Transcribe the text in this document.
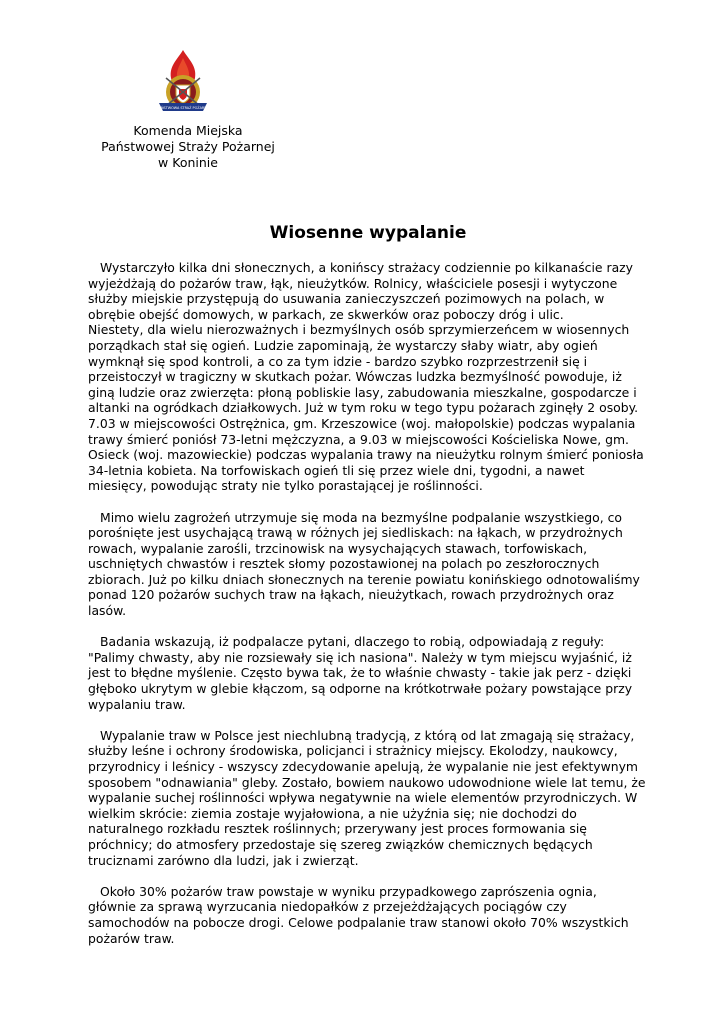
PAŃSTWOWA STRAŻ POŻARNA
Komenda Miejska
Państwowej Straży Pożarnej
w Koninie
Wiosenne wypalanie
Wystarczyło kilka dni słonecznych, a konińscy strażacy codziennie po kilkanaście razy
wyjeżdżają do pożarów traw, łąk, nieużytków. Rolnicy, właściciele posesji i wytyczone
służby miejskie przystępują do usuwania zanieczyszczeń pozimowych na polach, w
obrębie obejść domowych, w parkach, ze skwerków oraz poboczy dróg i ulic.
Niestety, dla wielu nierozważnych i bezmyślnych osób sprzymierzeńcem w wiosennych
porządkach stał się ogień. Ludzie zapominają, że wystarczy słaby wiatr, aby ogień
wymknął się spod kontroli, a co za tym idzie - bardzo szybko rozprzestrzenił się i
przeistoczył w tragiczny w skutkach pożar. Wówczas ludzka bezmyślność powoduje, iż
giną ludzie oraz zwierzęta: płoną pobliskie lasy, zabudowania mieszkalne, gospodarcze i
altanki na ogródkach działkowych. Już w tym roku w tego typu pożarach zginęły 2 osoby.
7.03 w miejscowości Ostrężnica, gm. Krzeszowice (woj. małopolskie) podczas wypalania
trawy śmierć poniósł 73-letni mężczyzna, a 9.03 w miejscowości Kościeliska Nowe, gm.
Osieck (woj. mazowieckie) podczas wypalania trawy na nieużytku rolnym śmierć poniosła
34-letnia kobieta. Na torfowiskach ogień tli się przez wiele dni, tygodni, a nawet
miesięcy, powodując straty nie tylko porastającej je roślinności.
Mimo wielu zagrożeń utrzymuje się moda na bezmyślne podpalanie wszystkiego, co
porośnięte jest usychającą trawą w różnych jej siedliskach: na łąkach, w przydrożnych
rowach, wypalanie zarośli, trzcinowisk na wysychających stawach, torfowiskach,
uschniętych chwastów i resztek słomy pozostawionej na polach po zeszłorocznych
zbiorach. Już po kilku dniach słonecznych na terenie powiatu konińskiego odnotowaliśmy
ponad 120 pożarów suchych traw na łąkach, nieużytkach, rowach przydrożnych oraz
lasów.
Badania wskazują, iż podpalacze pytani, dlaczego to robią, odpowiadają z reguły:
"Palimy chwasty, aby nie rozsiewały się ich nasiona". Należy w tym miejscu wyjaśnić, iż
jest to błędne myślenie. Często bywa tak, że to właśnie chwasty - takie jak perz - dzięki
głęboko ukrytym w glebie kłączom, są odporne na krótkotrwałe pożary powstające przy
wypalaniu traw.
Wypalanie traw w Polsce jest niechlubną tradycją, z którą od lat zmagają się strażacy,
służby leśne i ochrony środowiska, policjanci i strażnicy miejscy. Ekolodzy, naukowcy,
przyrodnicy i leśnicy - wszyscy zdecydowanie apelują, że wypalanie nie jest efektywnym
sposobem "odnawiania" gleby. Zostało, bowiem naukowo udowodnione wiele lat temu, że
wypalanie suchej roślinności wpływa negatywnie na wiele elementów przyrodniczych. W
wielkim skrócie: ziemia zostaje wyjałowiona, a nie użyźnia się; nie dochodzi do
naturalnego rozkładu resztek roślinnych; przerywany jest proces formowania się
próchnicy; do atmosfery przedostaje się szereg związków chemicznych będących
truciznami zarówno dla ludzi, jak i zwierząt.
Około 30% pożarów traw powstaje w wyniku przypadkowego zaprószenia ognia,
głównie za sprawą wyrzucania niedopałków z przejeżdżających pociągów czy
samochodów na pobocze drogi. Celowe podpalanie traw stanowi około 70% wszystkich
pożarów traw.
